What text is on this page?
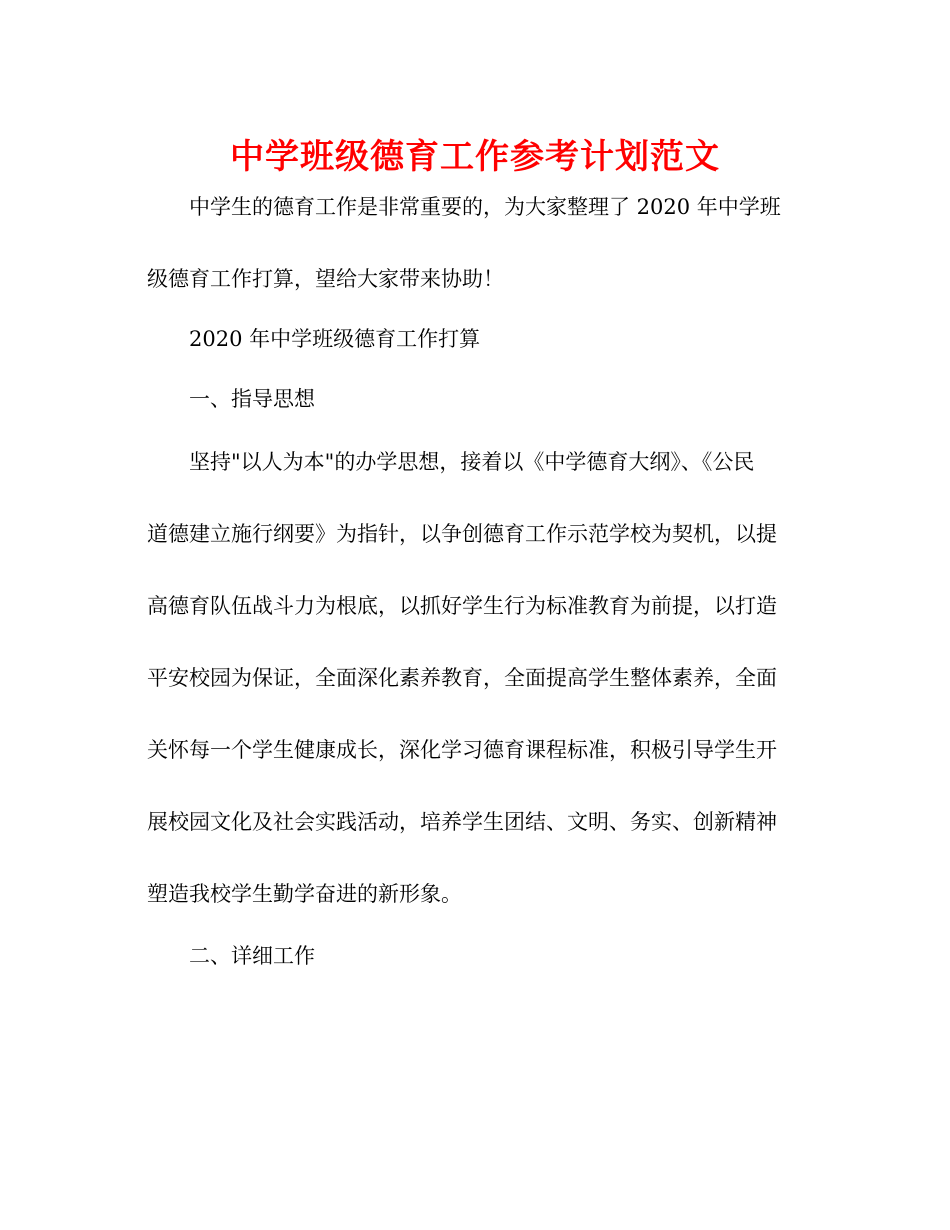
中学班级德育工作参考计划范文
中学生的德育工作是非常重要的，为大家整理了 2020 年中学班
级德育工作打算，望给大家带来协助！
2020 年中学班级德育工作打算
一、指导思想
坚持"以人为本"的办学思想，接着以《中学德育大纲》、《公民
道德建立施行纲要》为指针，以争创德育工作示范学校为契机，以提
高德育队伍战斗力为根底，以抓好学生行为标准教育为前提，以打造
平安校园为保证，全面深化素养教育，全面提高学生整体素养，全面
关怀每一个学生健康成长，深化学习德育课程标准，积极引导学生开
展校园文化及社会实践活动，培养学生团结、文明、务实、创新精神
塑造我校学生勤学奋进的新形象。
二、详细工作
